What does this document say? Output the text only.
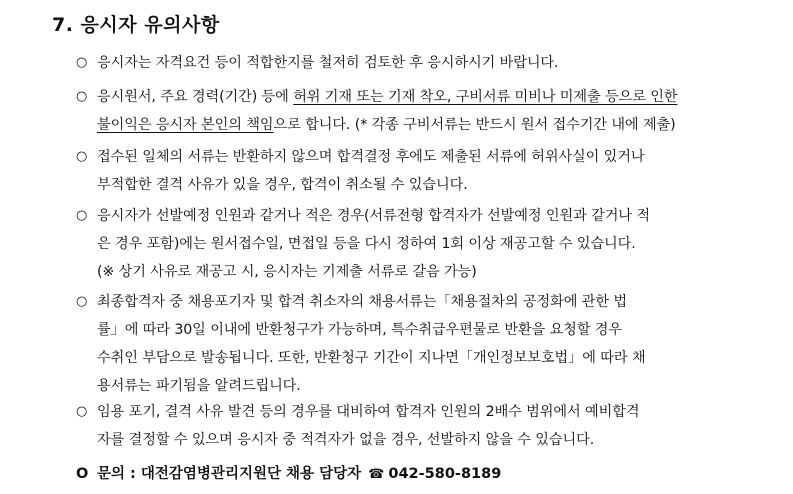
7. 응시자 유의사항
○ 응시자는 자격요건 등이 적합한지를 철저히 검토한 후 응시하시기 바랍니다.
○ 응시원서, 주요 경력(기간) 등에 허위 기재 또는 기재 착오, 구비서류 미비나 미제출 등으로 인한
불이익은 응시자 본인의 책임으로 합니다. (* 각종 구비서류는 반드시 원서 접수기간 내에 제출)
○ 접수된 일체의 서류는 반환하지 않으며 합격결정 후에도 제출된 서류에 허위사실이 있거나
부적합한 결격 사유가 있을 경우, 합격이 취소될 수 있습니다.
○ 응시자가 선발예정 인원과 같거나 적은 경우(서류전형 합격자가 선발예정 인원과 같거나 적
은 경우 포함)에는 원서접수일, 면접일 등을 다시 정하여 1회 이상 재공고할 수 있습니다.
(※ 상기 사유로 재공고 시, 응시자는 기제출 서류로 갈음 가능)
○ 최종합격자 중 채용포기자 및 합격 취소자의 채용서류는「채용절차의 공정화에 관한 법
률」에 따라 30일 이내에 반환청구가 가능하며, 특수취급우편물로 반환을 요청할 경우
수취인 부담으로 발송됩니다. 또한, 반환청구 기간이 지나면「개인정보보호법」에 따라 채
용서류는 파기됨을 알려드립니다.
○ 임용 포기, 결격 사유 발견 등의 경우를 대비하여 합격자 인원의 2배수 범위에서 예비합격
자를 결정할 수 있으며 응시자 중 적격자가 없을 경우, 선발하지 않을 수 있습니다.
O 문의 : 대전감염병관리지원단 채용 담당자 ☎ 042-580-8189
